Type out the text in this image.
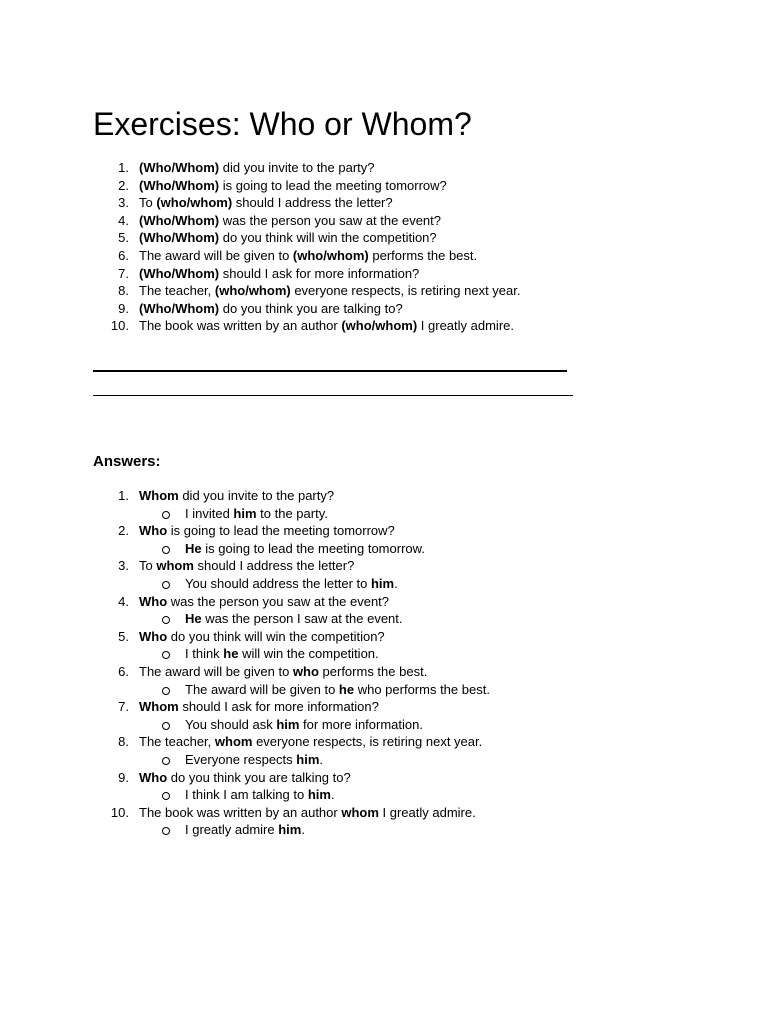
Exercises: Who or Whom?
1. (Who/Whom) did you invite to the party?
2. (Who/Whom) is going to lead the meeting tomorrow?
3. To (who/whom) should I address the letter?
4. (Who/Whom) was the person you saw at the event?
5. (Who/Whom) do you think will win the competition?
6. The award will be given to (who/whom) performs the best.
7. (Who/Whom) should I ask for more information?
8. The teacher, (who/whom) everyone respects, is retiring next year.
9. (Who/Whom) do you think you are talking to?
10. The book was written by an author (who/whom) I greatly admire.
Answers:
1. Whom did you invite to the party?
I invited him to the party.
2. Who is going to lead the meeting tomorrow?
He is going to lead the meeting tomorrow.
3. To whom should I address the letter?
You should address the letter to him.
4. Who was the person you saw at the event?
He was the person I saw at the event.
5. Who do you think will win the competition?
I think he will win the competition.
6. The award will be given to who performs the best.
The award will be given to he who performs the best.
7. Whom should I ask for more information?
You should ask him for more information.
8. The teacher, whom everyone respects, is retiring next year.
Everyone respects him.
9. Who do you think you are talking to?
I think I am talking to him.
10. The book was written by an author whom I greatly admire.
I greatly admire him.
